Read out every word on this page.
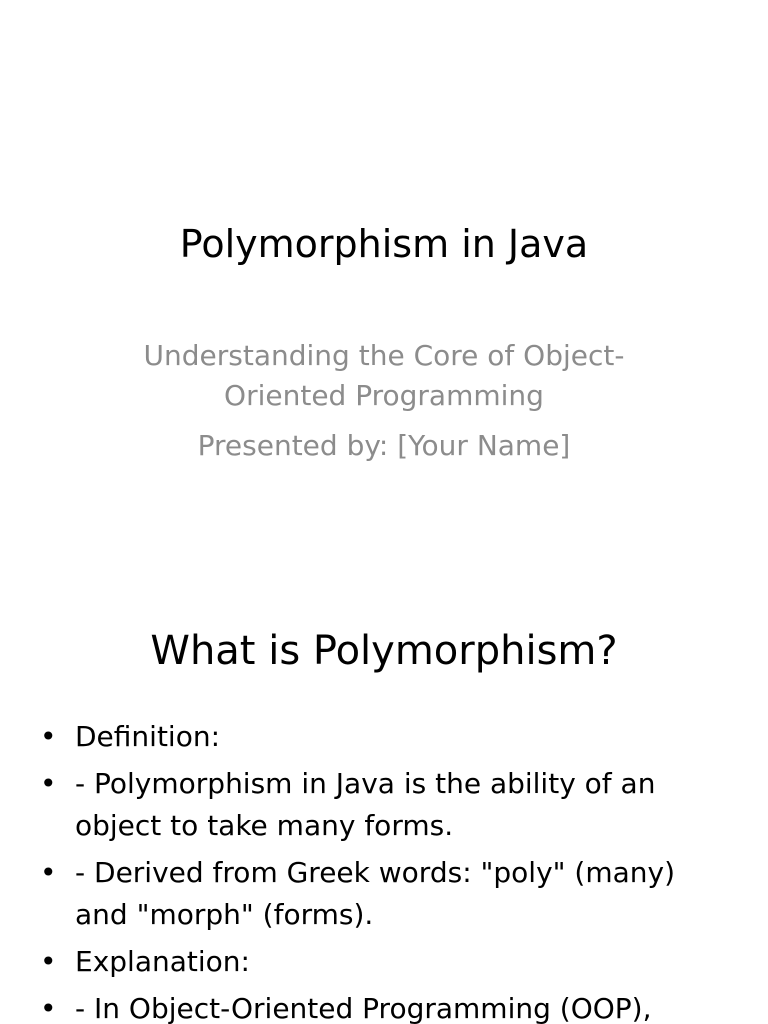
Polymorphism in Java
Understanding the Core of Object-
Oriented Programming
Presented by: [Your Name]
What is Polymorphism?
• Definition:
• - Polymorphism in Java is the ability of an object to take many forms.
• - Derived from Greek words: "poly" (many) and "morph" (forms).
• Explanation:
• - In Object-Oriented Programming (OOP),
